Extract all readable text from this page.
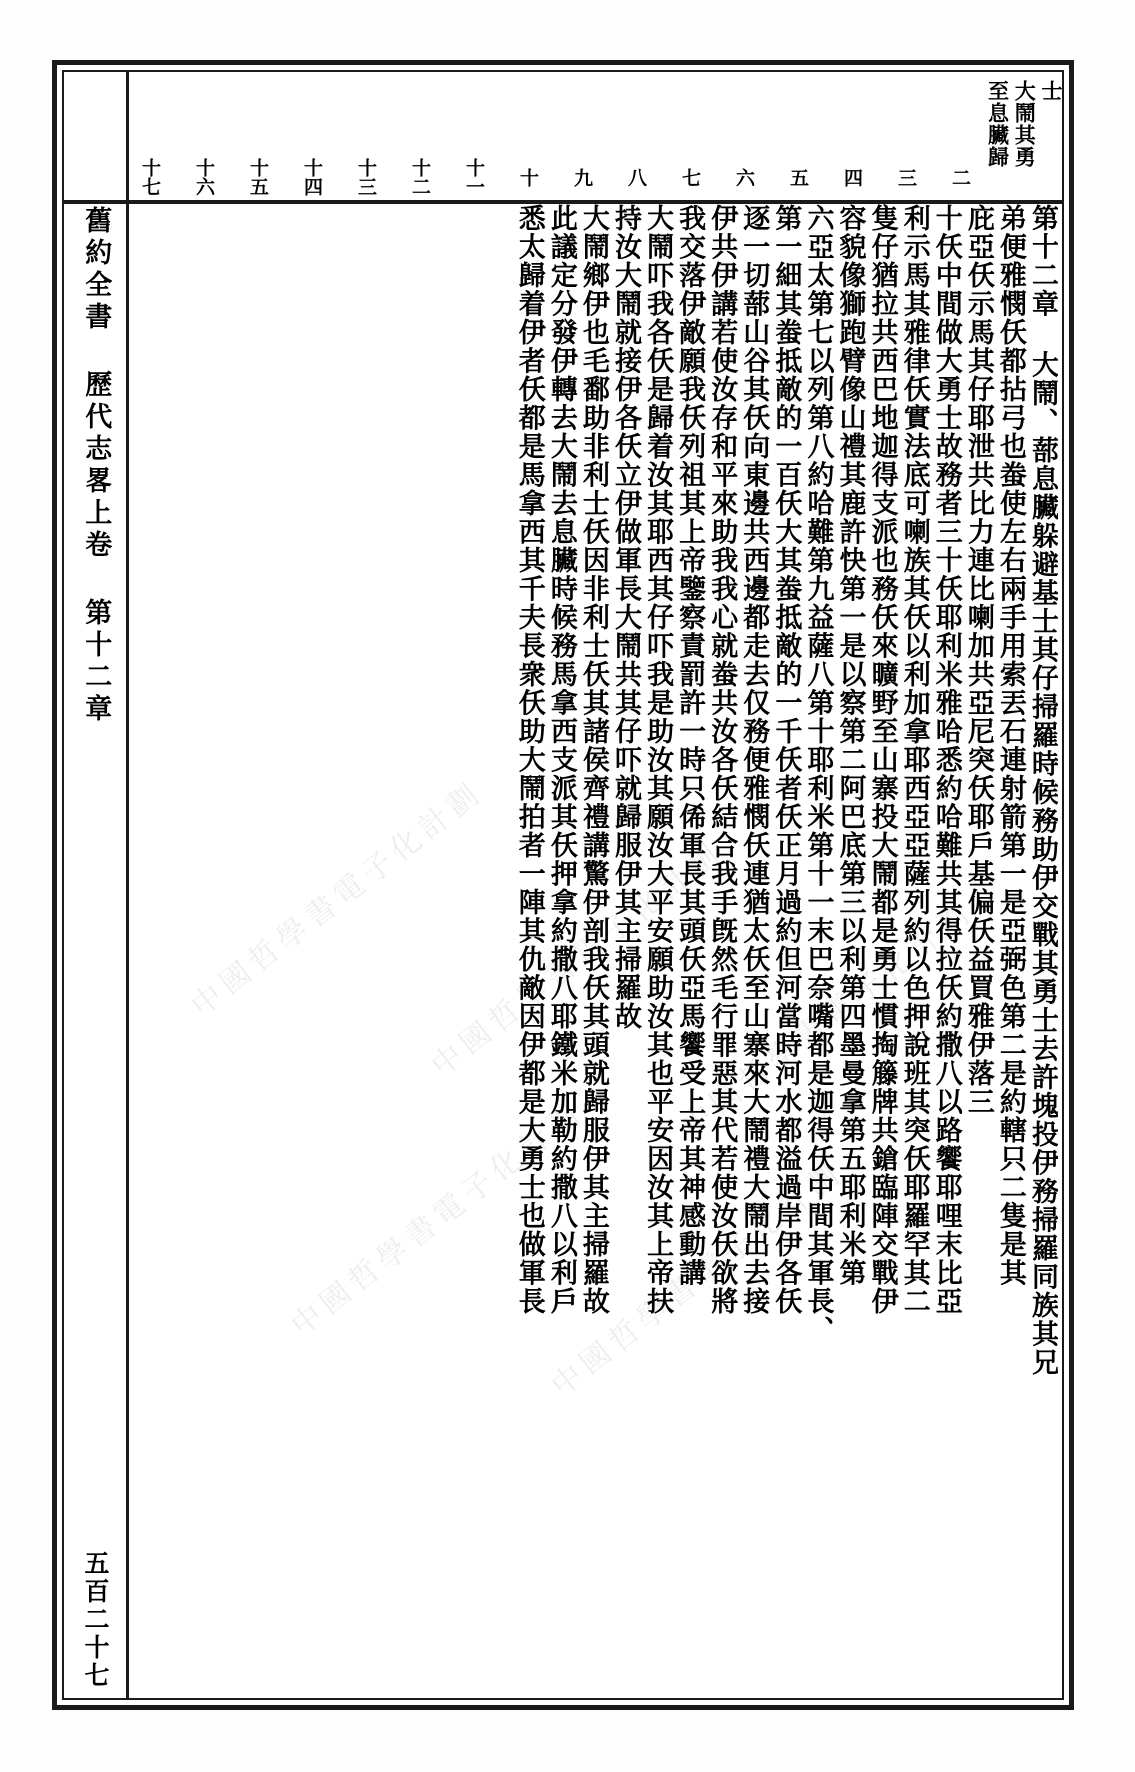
至息臟歸 大鬧其勇 士
二
三
四
五
六
七
八
九
十
十一
十二
十三
十四
十五
十六
十七
第十二章 大鬧、蔀息臟躲避基士其仔掃羅時候務助伊交戰其勇士去許塊投伊務掃羅同族其兄
弟便雅憫仸都拈弓也䖭使左右兩手用索丟石連射箭第一是亞弼色第二是約轄只二隻是其
庇亞仸示馬其仔耶泄共比力連比喇加共亞尼突仸耶戶基偏仸益買雅伊落三
十仸中間做大勇士故務者三十仸耶利米雅哈悉約哈難共其得拉仸約撒八以路饗耶哩末比亞
利示馬其雅律仸實法底可喇族其仸以利加拿耶西亞亞薩列約以色押說班其突仸耶羅罕其二
隻仔猶拉共西巴地迦得支派也務仸來曠野至山寨投大鬧都是勇士慣掏籐牌共鎗臨陣交戰伊
容貌像獅跑臂像山禮其鹿許快第一是以察第二阿巴底第三以利第四墨曼拿第五耶利米第
六亞太第七以列第八約哈難第九益薩八第十耶利米第十一末巴奈嘴都是迦得仸中間其軍長、
第一細其䖭抵敵的一百仸大其䖭抵敵的一千仸者仸正月過約但河當時河水都溢過岸伊各仸
逐一切蔀山谷其仸向東邊共西邊都走去仅務便雅憫仸連猶太仸至山寨來大鬧禮大鬧出去接
伊共伊講若使汝存和平來助我我心就䖭共汝各仸結合我手旣然毛行罪惡其代若使汝仸欲將
我交落伊敵願我仸列祖其上帝鑒察責罰許一時只俙軍長其頭仸亞馬饗受上帝其神感動講
大鬧吓我各仸是歸着汝其耶西其仔吓我是助汝其願汝大平安願助汝其也平安因汝其上帝扶
持汝大鬧就接伊各仸立伊做軍長大鬧共其仔吓就歸服伊其主掃羅故
大鬧鄉伊也毛鄱助非利士仸因非利士仸其諸侯齊禮講驚伊剖我仸其頭就歸服伊其主掃羅故
此議定分發伊轉去大鬧去息臟時候務馬拿西支派其仸押拿約撒八耶鐵米加勒約撒八以利戶
悉太歸着伊者仸都是馬拿西其千夫長衆仸助大鬧拍者一陣其仇敵因伊都是大勇士也做軍長
舊約全書 歷代志畧上卷 第十二章
五百二十七
